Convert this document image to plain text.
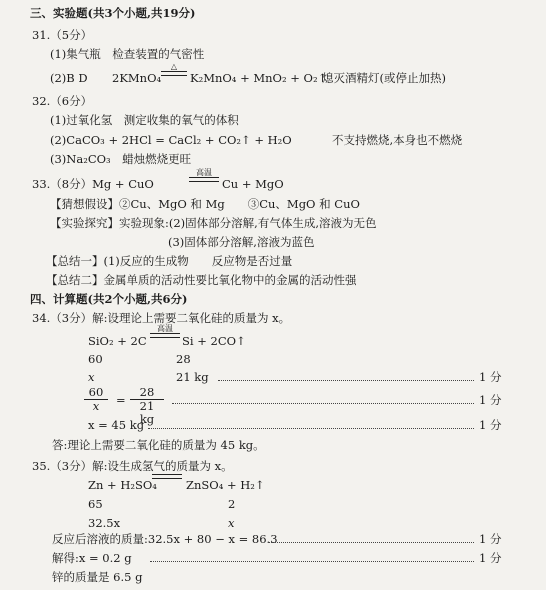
三、实验题(共3个小题,共19分)
31.（5分）
(1)集气瓶　检查装置的气密性
(2)B D 2KMnO₄
△
K₂MnO₄ + MnO₂ + O₂↑
熄灭酒精灯(或停止加热)
32.（6分）
(1)过氧化氢　测定收集的氧气的体积
(2)CaCO₃ + 2HCl = CaCl₂ + CO₂↑ + H₂O	不支持燃烧,本身也不燃烧
(3)Na₂CO₃　蜡烛燃烧更旺
33.（8分）Mg + CuO
高温
Cu + MgO
【猜想假设】②Cu、MgO 和 Mg　　③Cu、MgO 和 CuO
【实验探究】实验现象:(2)固体部分溶解,有气体生成,溶液为无色
(3)固体部分溶解,溶液为蓝色
【总结一】(1)反应的生成物　　反应物是否过量
【总结二】金属单质的活动性要比氧化物中的金属的活动性强
四、计算题(共2个小题,共6分)
34.（3分）解:设理论上需要二氧化硅的质量为 x。
SiO₂ + 2C
高温
Si + 2CO↑
60	28
x	21 kg	1 分
$\frac{60}{x} = \frac{28}{21 kg}$	1 分
x = 45 kg	1 分
答:理论上需要二氧化硅的质量为 45 kg。
35.（3分）解:设生成氢气的质量为 x。
Zn + H₂SO₄	ZnSO₄ + H₂↑
65	2
32.5x	x
反应后溶液的质量:32.5x + 80 − x = 86.3	1 分
解得:x = 0.2 g	1 分
锌的质量是 6.5 g
